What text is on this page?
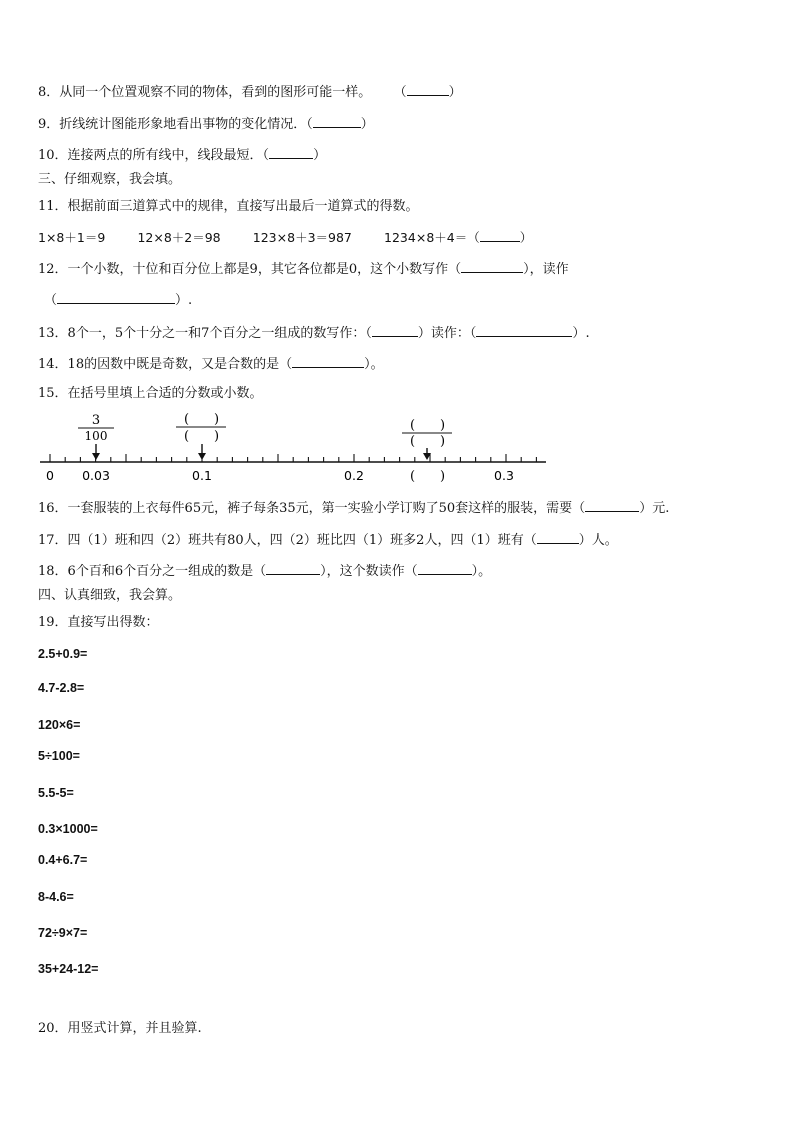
8．从同一个位置观察不同的物体，看到的图形可能一样。 （	）
9．折线统计图能形象地看出事物的变化情况．（	）
10．连接两点的所有线中，线段最短．（	）
三、仔细观察，我会填。
11．根据前面三道算式中的规律，直接写出最后一道算式的得数。
1×8＋1＝9	12×8＋2＝98	123×8＋3＝987	1234×8＋4＝（	）
12．一个小数，十位和百分位上都是9，其它各位都是0，这个小数写作（	），读作
（	）.
13．8个一，5个十分之一和7个百分之一组成的数写作：（	）读作：（	）.
14．18的因数中既是奇数，又是合数的是（	）。
15．在括号里填上合适的分数或小数。
3
100
( )
( )
( )
( )
0 0.03	0.1	0.2	( )	0.3
16．一套服装的上衣每件65元，裤子每条35元，第一实验小学订购了50套这样的服装，需要（	）元.
17．四（1）班和四（2）班共有80人，四（2）班比四（1）班多2人，四（1）班有（	）人。
18．6个百和6个百分之一组成的数是（	），这个数读作（	）。
四、认真细致，我会算。
19．直接写出得数：
2.5+0.9=
4.7-2.8=
120×6=
5÷100=
5.5-5=
0.3×1000=
0.4+6.7=
8-4.6=
72÷9×7=
35+24-12=
20．用竖式计算，并且验算.
